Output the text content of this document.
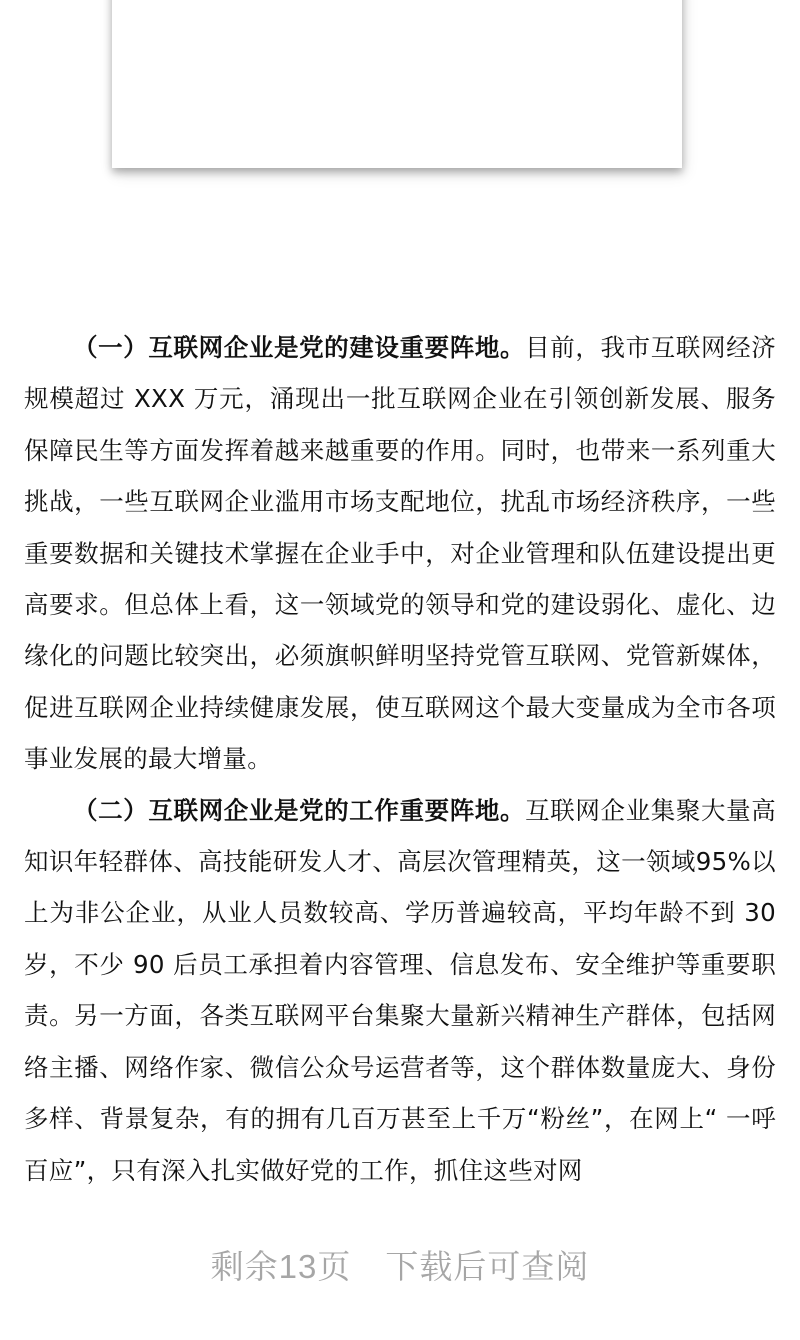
（一）互联网企业是党的建设重要阵地。目前，我市互联网经济规模超过 XXX 万元，涌现出一批互联网企业在引领创新发展、服务保障民生等方面发挥着越来越重要的作用。同时，也带来一系列重大挑战，一些互联网企业滥用市场支配地位，扰乱市场经济秩序，一些重要数据和关键技术掌握在企业手中，对企业管理和队伍建设提出更高要求。但总体上看，这一领域党的领导和党的建设弱化、虚化、边缘化的问题比较突出，必须旗帜鲜明坚持党管互联网、党管新媒体，促进互联网企业持续健康发展，使互联网这个最大变量成为全市各项事业发展的最大增量。

（二）互联网企业是党的工作重要阵地。互联网企业集聚大量高知识年轻群体、高技能研发人才、高层次管理精英，这一领域95%以上为非公企业，从业人员数较高、学历普遍较高，平均年龄不到 30 岁，不少 90 后员工承担着内容管理、信息发布、安全维护等重要职责。另一方面，各类互联网平台集聚大量新兴精神生产群体，包括网络主播、网络作家、微信公众号运营者等，这个群体数量庞大、身份多样、背景复杂，有的拥有几百万甚至上千万“粉丝”，在网上“ 一呼百应”，只有深入扎实做好党的工作，抓住这些对网

剩余13页 下载后可查阅
